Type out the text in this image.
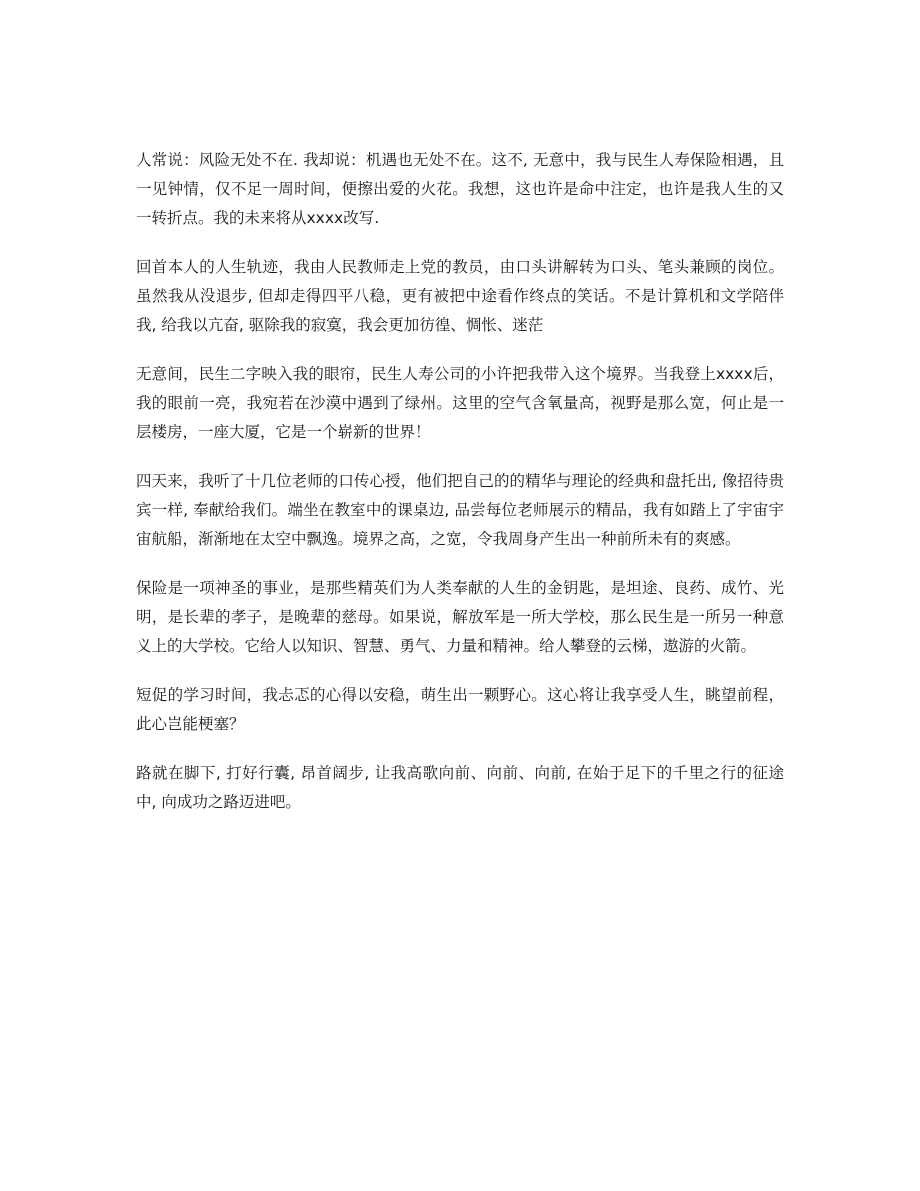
人常说：风险无处不在. 我却说：机遇也无处不在。这不, 无意中，我与民生人寿保险相遇，且一见钟情，仅不足一周时间，便擦出爱的火花。我想，这也许是命中注定，也许是我人生的又一转折点。我的未来将从xxxx改写.

回首本人的人生轨迹，我由人民教师走上党的教员，由口头讲解转为口头、笔头兼顾的岗位。虽然我从没退步, 但却走得四平八稳，更有被把中途看作终点的笑话。不是计算机和文学陪伴我, 给我以亢奋, 驱除我的寂寞，我会更加彷徨、惆怅、迷茫

无意间，民生二字映入我的眼帘，民生人寿公司的小许把我带入这个境界。当我登上xxxx后，我的眼前一亮，我宛若在沙漠中遇到了绿州。这里的空气含氧量高，视野是那么宽，何止是一层楼房，一座大厦，它是一个崭新的世界！

四天来，我听了十几位老师的口传心授，他们把自己的的精华与理论的经典和盘托出, 像招待贵宾一样, 奉献给我们。端坐在教室中的课桌边, 品尝每位老师展示的精品，我有如踏上了宇宙宇宙航船，渐渐地在太空中飘逸。境界之高，之宽，令我周身产生出一种前所未有的爽感。

保险是一项神圣的事业，是那些精英们为人类奉献的人生的金钥匙，是坦途、良药、成竹、光明，是长辈的孝子，是晚辈的慈母。如果说，解放军是一所大学校，那么民生是一所另一种意义上的大学校。它给人以知识、智慧、勇气、力量和精神。给人攀登的云梯，遨游的火箭。

短促的学习时间，我忐忑的心得以安稳，萌生出一颗野心。这心将让我享受人生，眺望前程，此心岂能梗塞？

路就在脚下, 打好行囊, 昂首阔步, 让我高歌向前、向前、向前, 在始于足下的千里之行的征途中, 向成功之路迈进吧。
